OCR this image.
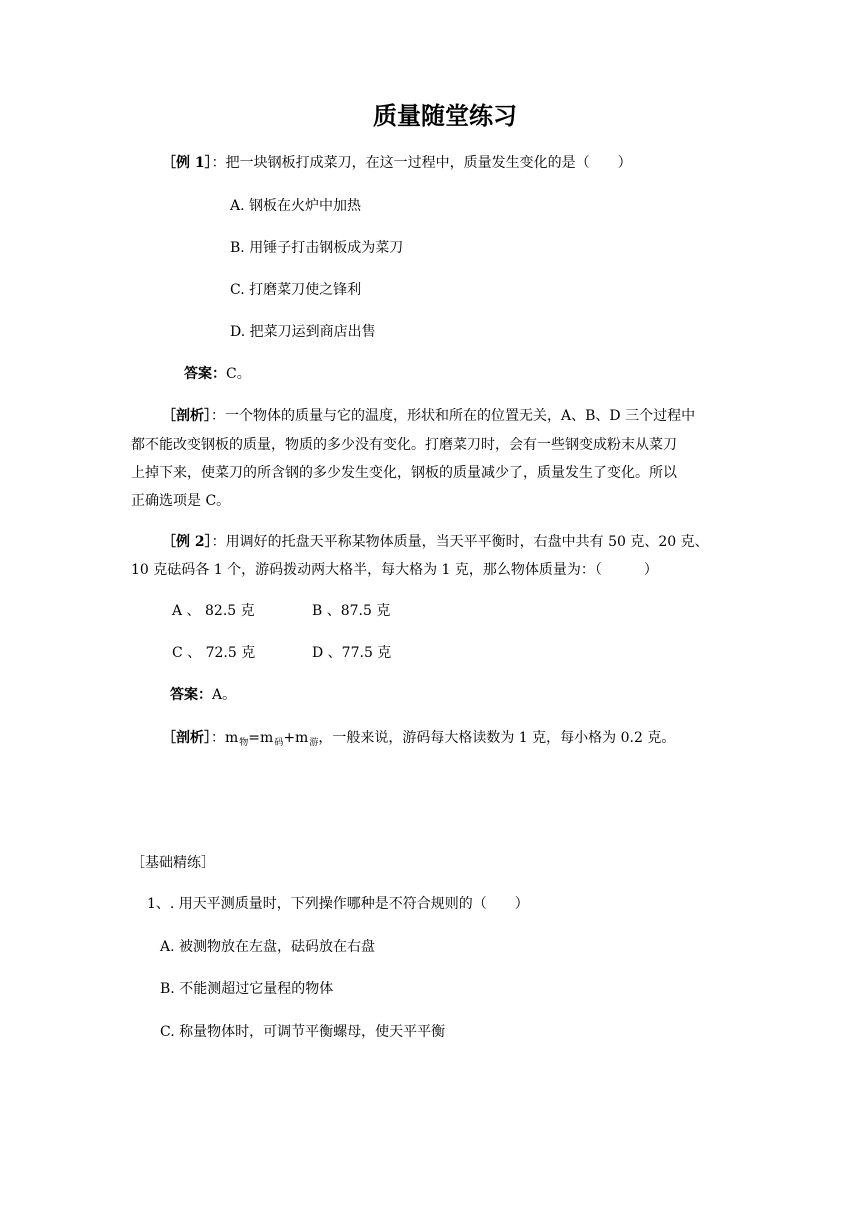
质量随堂练习
［例 1］：把一块钢板打成菜刀，在这一过程中，质量发生变化的是（　　）
A. 钢板在火炉中加热
B. 用锤子打击钢板成为菜刀
C. 打磨菜刀使之锋利
D. 把菜刀运到商店出售
答案：C。
［剖析］：一个物体的质量与它的温度，形状和所在的位置无关，A、B、D 三个过程中
都不能改变钢板的质量，物质的多少没有变化。打磨菜刀时，会有一些钢变成粉末从菜刀
上掉下来，使菜刀的所含钢的多少发生变化，钢板的质量减少了，质量发生了变化。所以
正确选项是 C。
［例 2］：用调好的托盘天平称某物体质量，当天平平衡时，右盘中共有 50 克、20 克、
10 克砝码各 1 个，游码拨动两大格半，每大格为 1 克，那么物体质量为：（　　　）
A 、 82.5 克	B 、87.5 克
C 、 72.5 克	D 、77.5 克
答案：A。
［剖析］：$m_物=m_码+m_游$，一般来说，游码每大格读数为 1 克，每小格为 0.2 克。
［基础精练］
1、. 用天平测质量时，下列操作哪种是不符合规则的（　　）
A. 被测物放在左盘，砝码放在右盘
B. 不能测超过它量程的物体
C. 称量物体时，可调节平衡螺母，使天平平衡
